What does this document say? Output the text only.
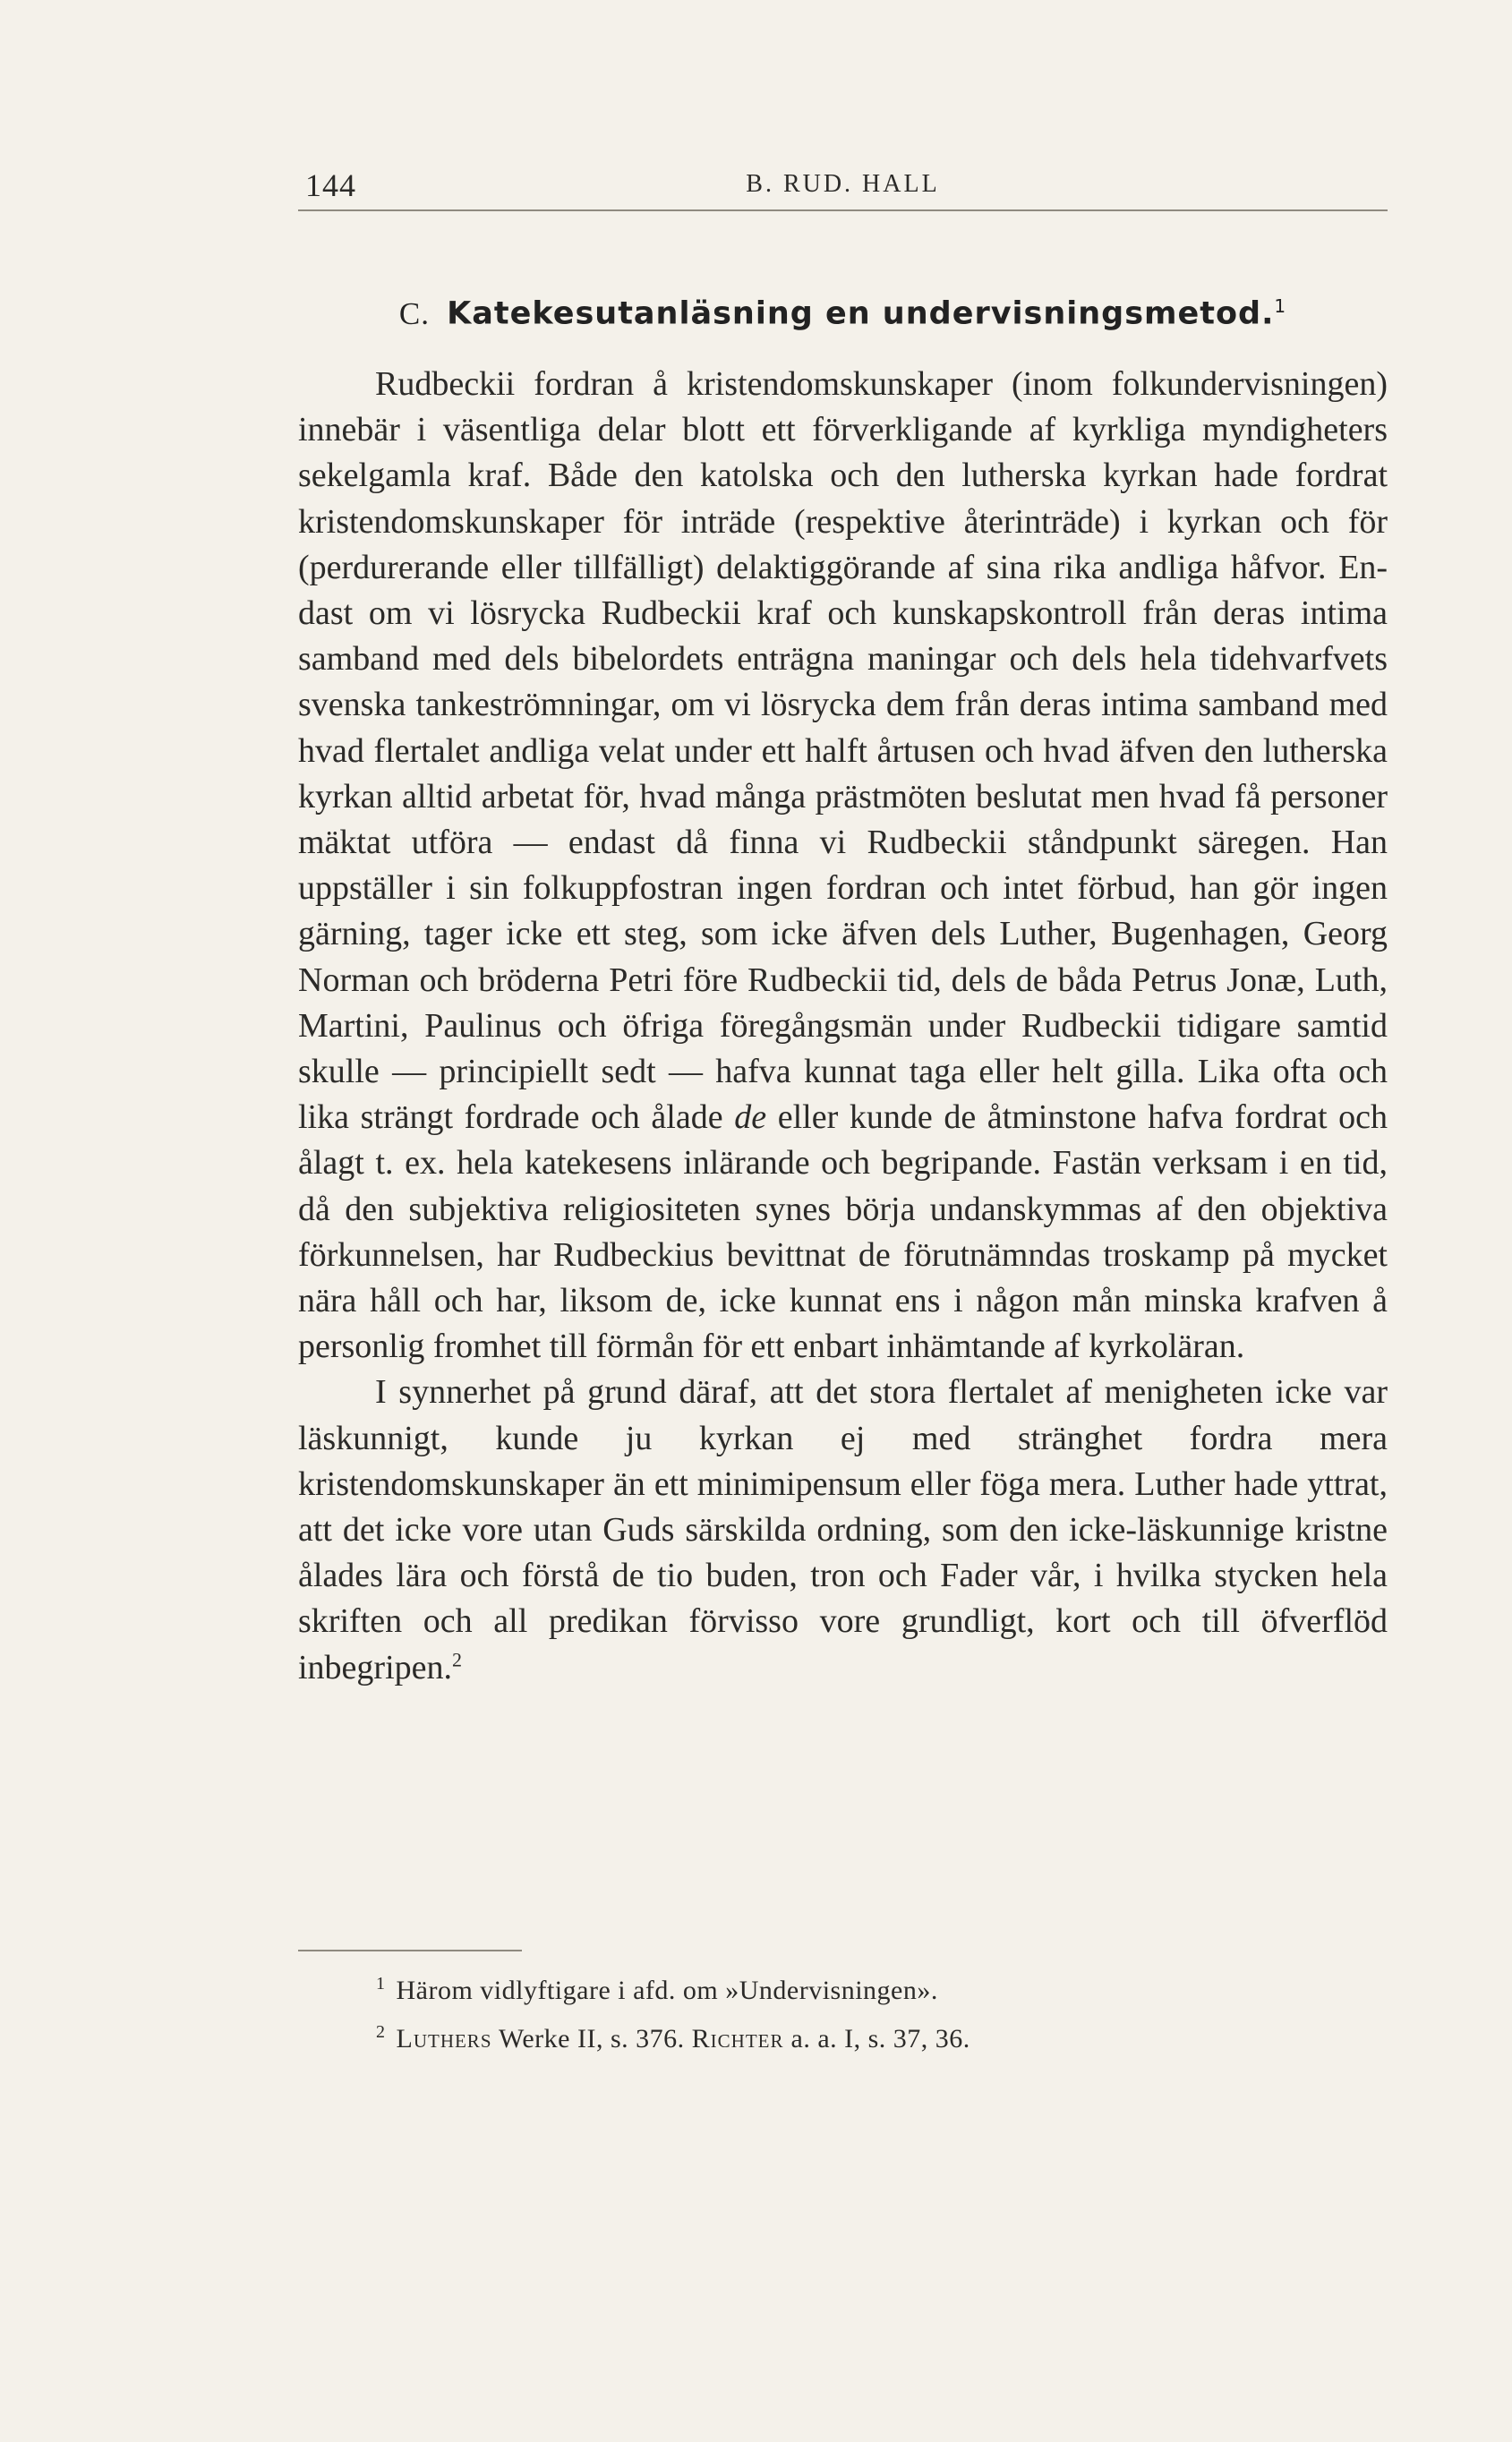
144	B. RUD. HALL
C. Katekesutanläsning en undervisningsmetod.$^1$

Rudbeckii fordran å kristendomskunskaper (inom folkundervisningen) innebär i väsentliga delar blott ett förverkligande af kyrkliga myndigheters sekelgamla kraf. Både den katolska och den lutherska kyrkan hade fordrat kristendomskunskaper för inträde (respektive återinträde) i kyrkan och för (perdurerande eller tillfälligt) delaktiggörande af sina rika andliga håfvor. Endast om vi lösrycka Rudbeckii kraf och kunskapskontroll från deras intima samband med dels bibelordets enträgna maningar och dels hela tidehvarfvets svenska tankeströmningar, om vi lösrycka dem från deras intima samband med hvad flertalet andliga velat under ett halft årtusen och hvad äfven den lutherska kyrkan alltid arbetat för, hvad många prästmöten beslutat men hvad få personer mäktat utföra — endast då finna vi Rudbeckii ståndpunkt säregen. Han uppställer i sin folkuppfostran ingen fordran och intet förbud, han gör ingen gärning, tager icke ett steg, som icke äfven dels Luther, Bugenhagen, Georg Norman och bröderna Petri före Rudbeckii tid, dels de båda Petrus Jonæ, Luth, Martini, Paulinus och öfriga föregångsmän under Rudbeckii tidigare samtid skulle — principiellt sedt — hafva kunnat taga eller helt gilla. Lika ofta och lika strängt fordrade och ålade de eller kunde de åtminstone hafva fordrat och ålagt t. ex. hela katekesens inlärande och begripande. Fastän verksam i en tid, då den subjektiva religiositeten synes börja undanskymmas af den objektiva förkunnelsen, har Rudbeckius bevittnat de förutnämndas troskamp på mycket nära håll och har, liksom de, icke kunnat ens i någon mån minska krafven å personlig fromhet till förmån för ett enbart inhämtande af kyrkoläran.

I synnerhet på grund däraf, att det stora flertalet af menigheten icke var läskunnigt, kunde ju kyrkan ej med stränghet fordra mera kristendomskunskaper än ett minimipensum eller föga mera. Luther hade yttrat, att det icke vore utan Guds särskilda ordning, som den icke-läskunnige kristne ålades lära och förstå de tio buden, tron och Fader vår, i hvilka stycken hela skriften och all predikan förvisso vore grundligt, kort och till öfverflöd inbegripen.$^2$

$^1$ Härom vidlyftigare i afd. om »Undervisningen».
$^2$ Luthers Werke II, s. 376. Richter a. a. I, s. 37, 36.
